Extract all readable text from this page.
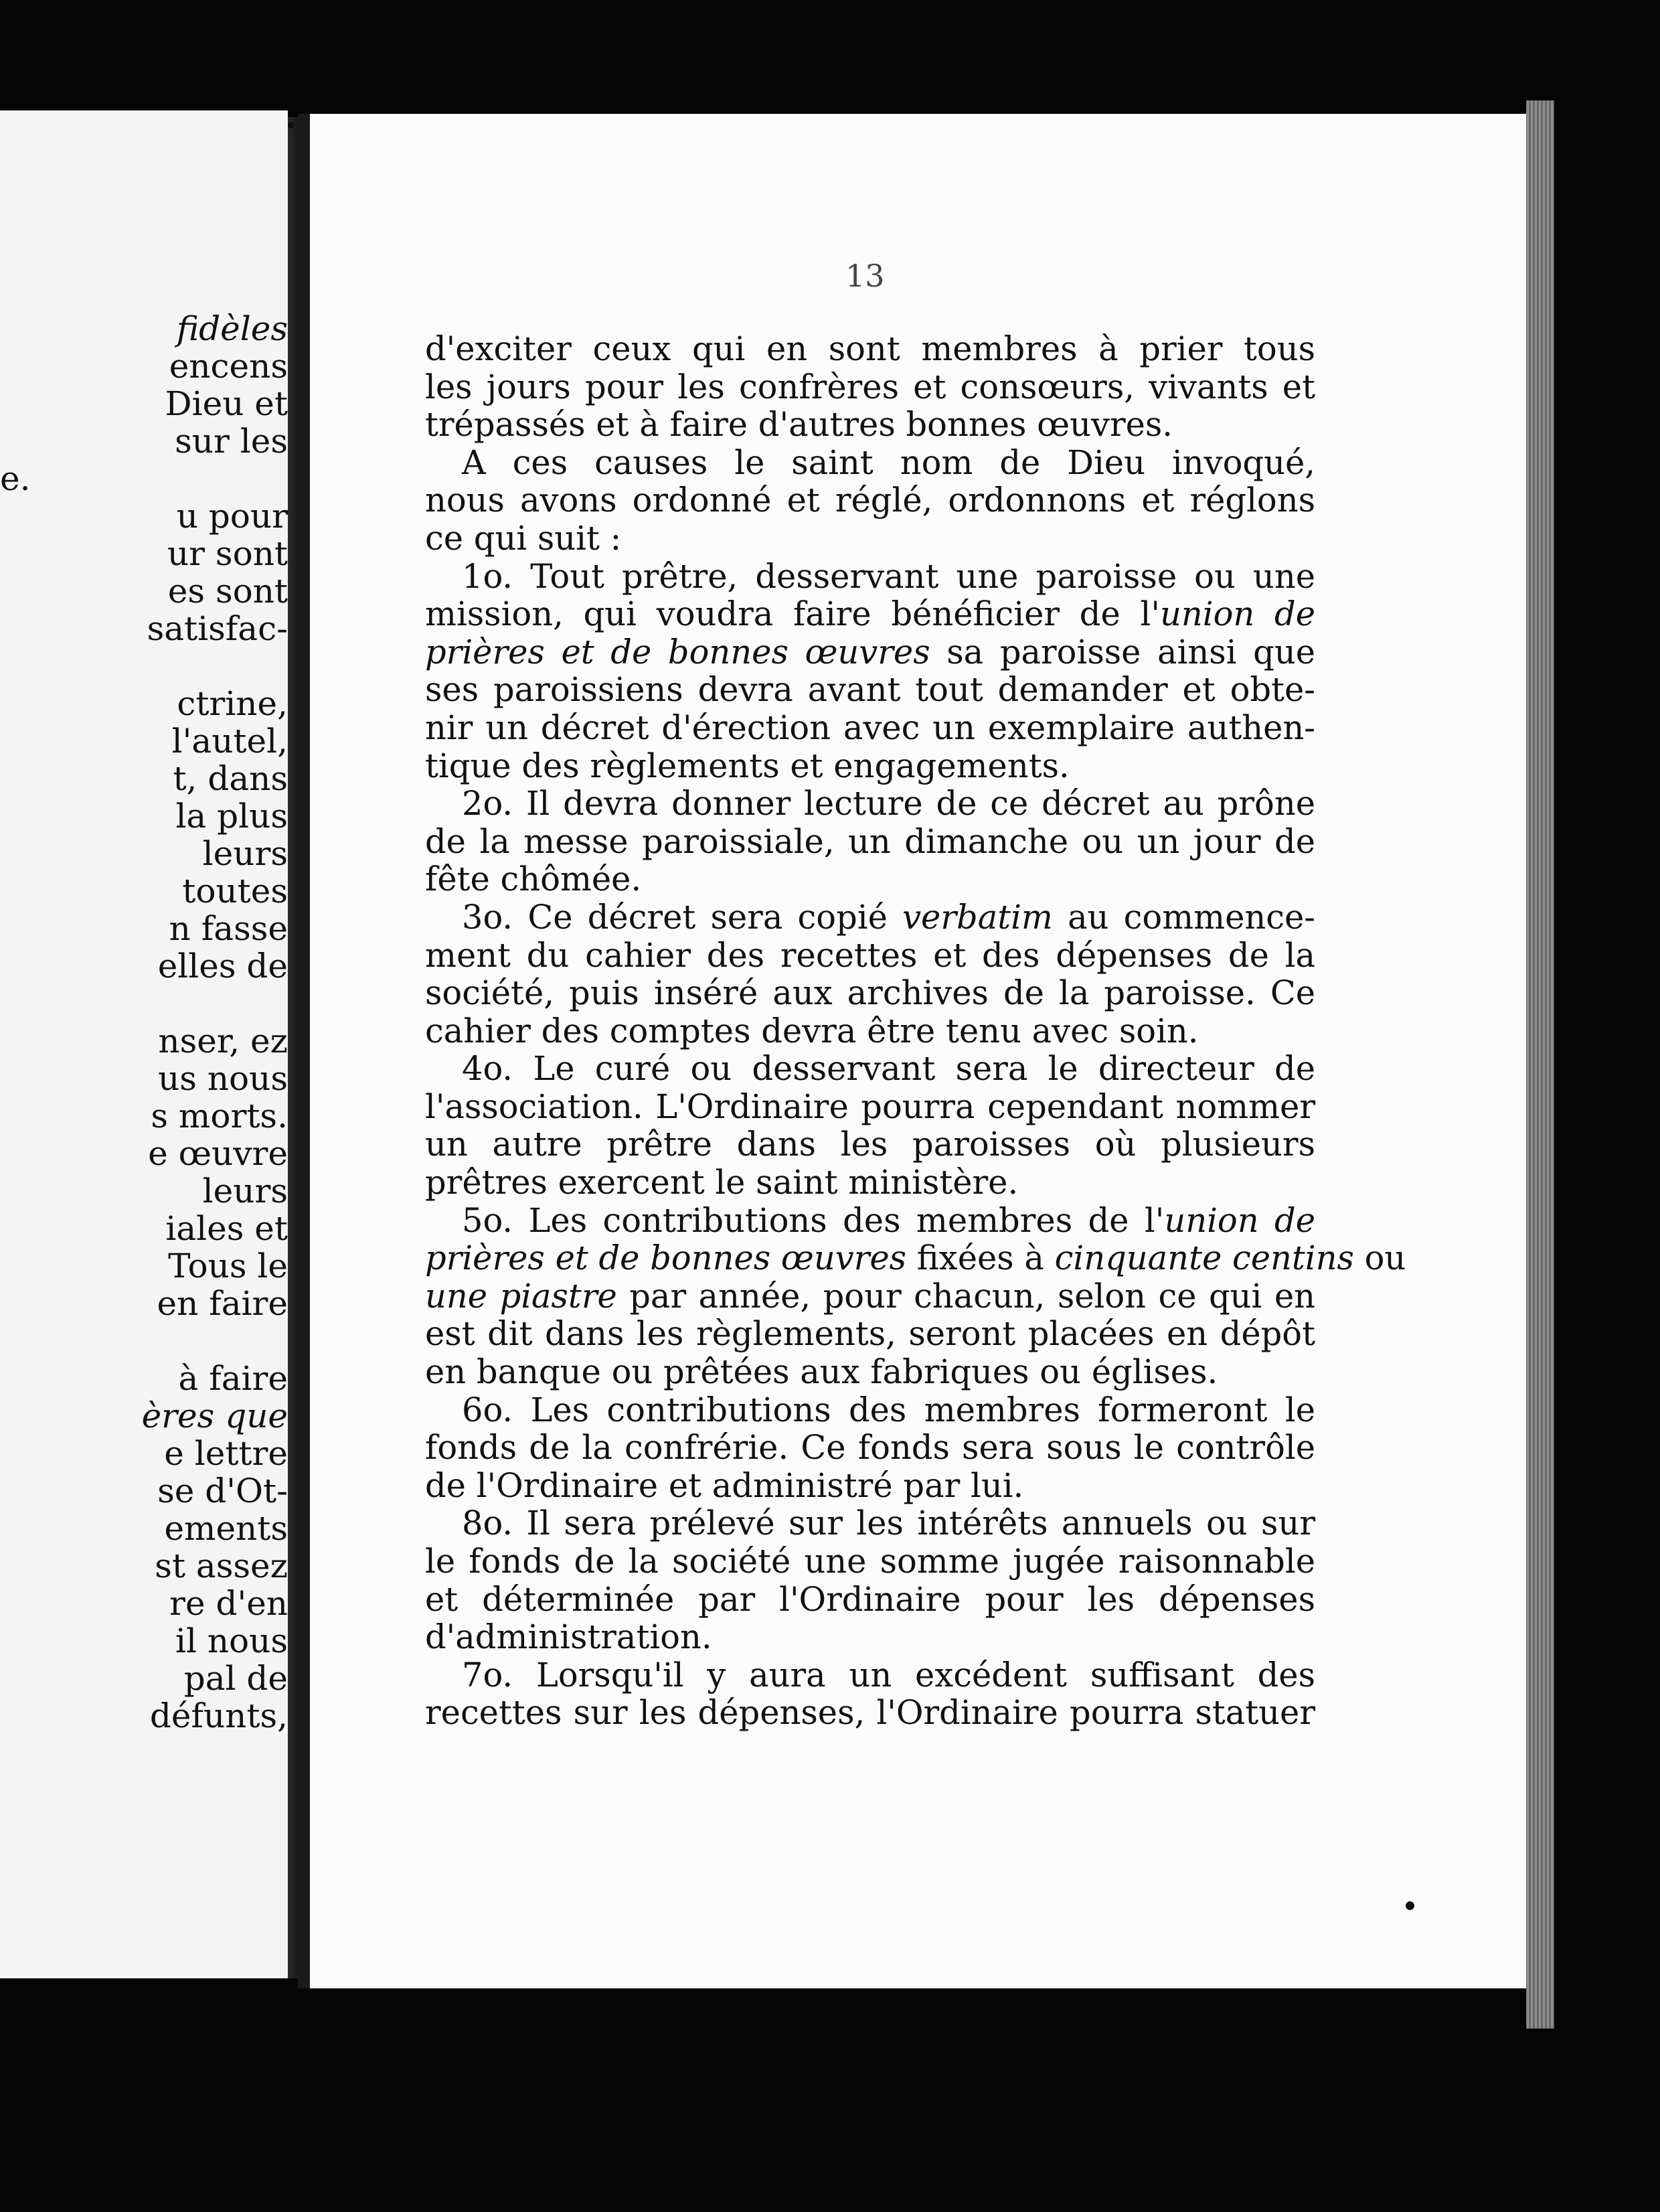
fidèles
encens
Dieu et
sur les
e.
u pour
ur sont
es sont
satisfac-
ctrine,
l'autel,
t, dans
la plus
leurs
toutes
n fasse
elles de
nser, ez
us nous
s morts.
e œuvre
leurs
iales et
Tous le
en faire
à faire
ères que
e lettre
se d'Ot-
ements
st assez
re d'en
il nous
pal de
défunts,
13
d'exciter ceux qui en sont membres à prier tous
les jours pour les confrères et consœurs, vivants et
trépassés et à faire d'autres bonnes œuvres.
A ces causes le saint nom de Dieu invoqué,
nous avons ordonné et réglé, ordonnons et réglons
ce qui suit :
1o. Tout prêtre, desservant une paroisse ou une
mission, qui voudra faire bénéficier de l'union de
prières et de bonnes œuvres sa paroisse ainsi que
ses paroissiens devra avant tout demander et obte-
nir un décret d'érection avec un exemplaire authen-
tique des règlements et engagements.
2o. Il devra donner lecture de ce décret au prône
de la messe paroissiale, un dimanche ou un jour de
fête chômée.
3o. Ce décret sera copié verbatim au commence-
ment du cahier des recettes et des dépenses de la
société, puis inséré aux archives de la paroisse. Ce
cahier des comptes devra être tenu avec soin.
4o. Le curé ou desservant sera le directeur de
l'association. L'Ordinaire pourra cependant nommer
un autre prêtre dans les paroisses où plusieurs
prêtres exercent le saint ministère.
5o. Les contributions des membres de l'union de
prières et de bonnes œuvres fixées à cinquante centins ou
une piastre par année, pour chacun, selon ce qui en
est dit dans les règlements, seront placées en dépôt
en banque ou prêtées aux fabriques ou églises.
6o. Les contributions des membres formeront le
fonds de la confrérie. Ce fonds sera sous le contrôle
de l'Ordinaire et administré par lui.
8o. Il sera prélevé sur les intérêts annuels ou sur
le fonds de la société une somme jugée raisonnable
et déterminée par l'Ordinaire pour les dépenses
d'administration.
7o. Lorsqu'il y aura un excédent suffisant des
recettes sur les dépenses, l'Ordinaire pourra statuer
